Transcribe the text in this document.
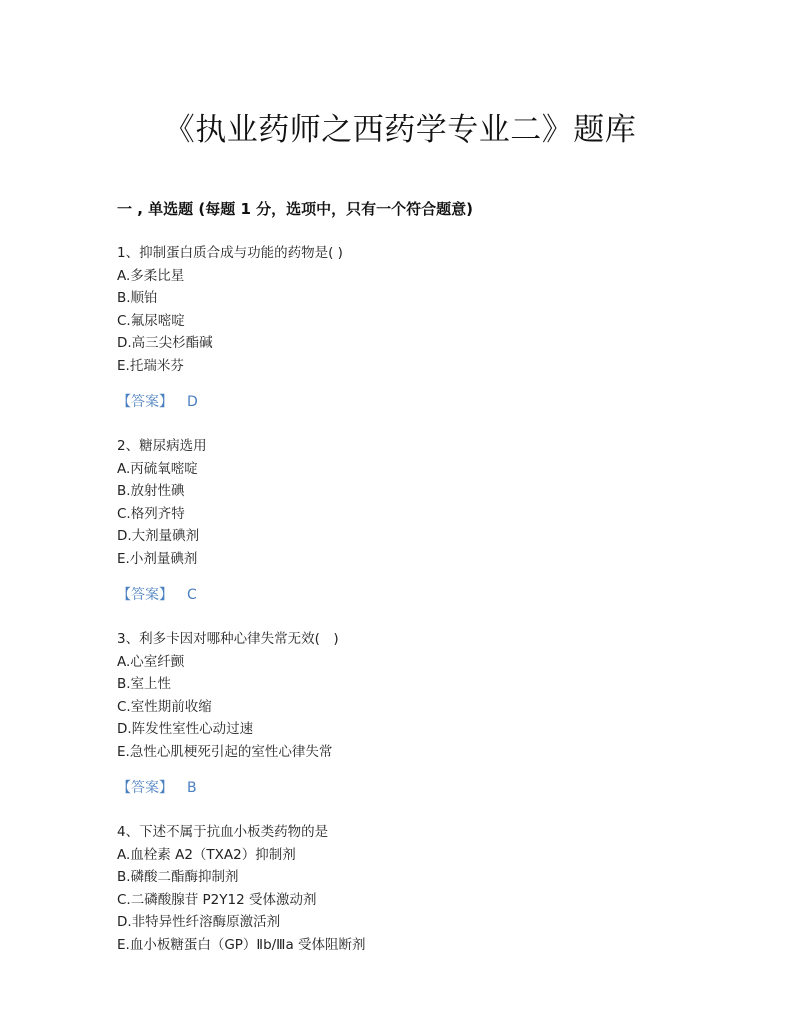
《执业药师之西药学专业二》题库
一 , 单选题 (每题 1 分，选项中，只有一个符合题意)
1、抑制蛋白质合成与功能的药物是( )
A.多柔比星
B.顺铂
C.氟尿嘧啶
D.高三尖杉酯碱
E.托瑞米芬
【答案】 D
2、糖尿病选用
A.丙硫氧嘧啶
B.放射性碘
C.格列齐特
D.大剂量碘剂
E.小剂量碘剂
【答案】 C
3、利多卡因对哪种心律失常无效(　)
A.心室纤颤
B.室上性
C.室性期前收缩
D.阵发性室性心动过速
E.急性心肌梗死引起的室性心律失常
【答案】 B
4、下述不属于抗血小板类药物的是
A.血栓素 A2（TXA2）抑制剂
B.磷酸二酯酶抑制剂
C.二磷酸腺苷 P2Y12 受体激动剂
D.非特异性纤溶酶原激活剂
E.血小板糖蛋白（GP）Ⅱb/Ⅲa 受体阻断剂
